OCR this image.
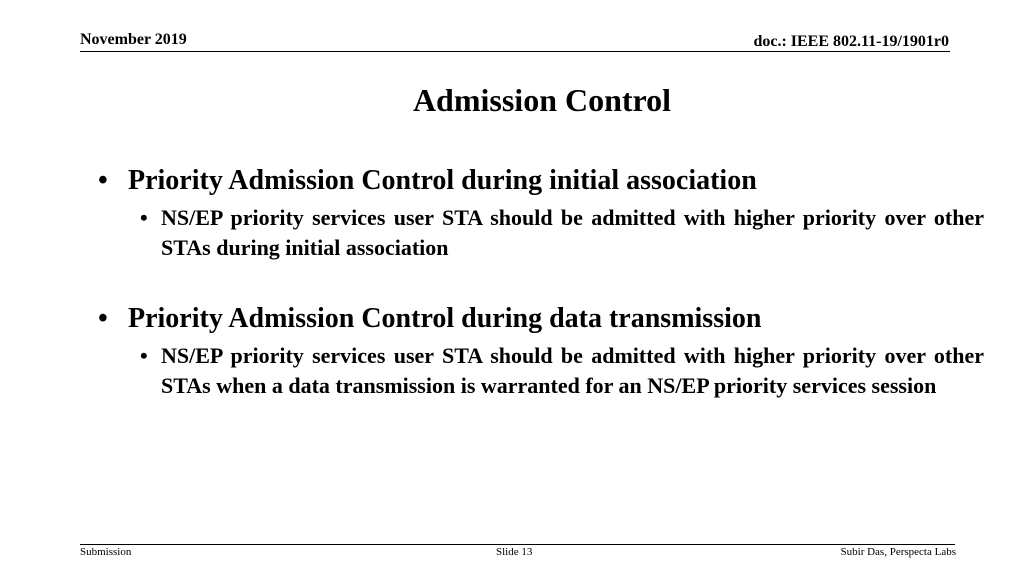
November 2019	doc.: IEEE 802.11-19/1901r0
Admission Control
• Priority Admission Control during initial association
• NS/EP priority services user STA should be admitted with higher priority over other STAs during initial association
• Priority Admission Control during data transmission
• NS/EP priority services user STA should be admitted with higher priority over other STAs when a data transmission is warranted for an NS/EP priority services session
Submission	Slide 13	Subir Das, Perspecta Labs
